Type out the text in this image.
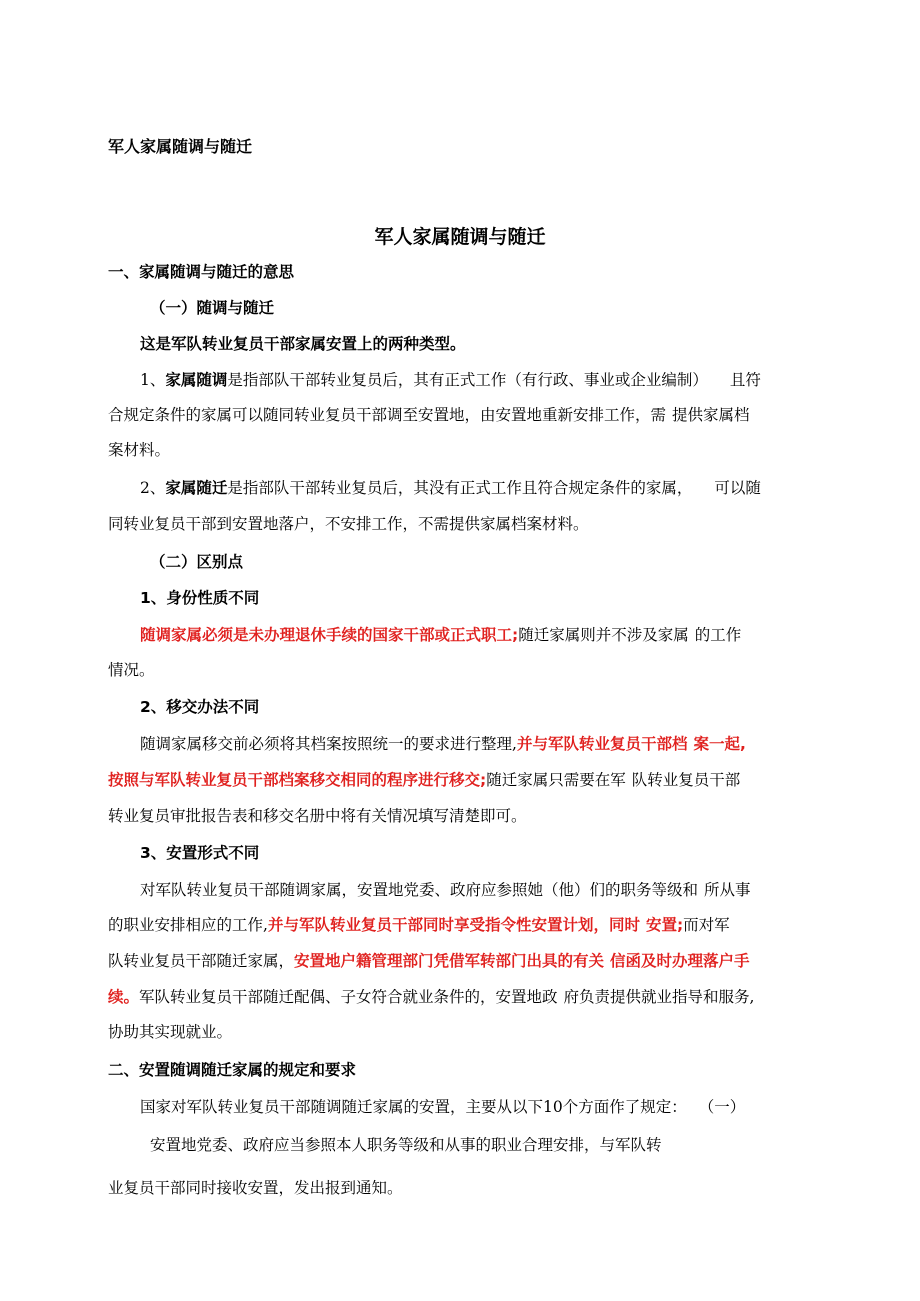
军人家属随调与随迁
军人家属随调与随迁
一、家属随调与随迁的意思
（一）随调与随迁
这是军队转业复员干部家属安置上的两种类型。
1、家属随调是指部队干部转业复员后，其有正式工作（有行政、事业或企业编制） 且符
合规定条件的家属可以随同转业复员干部调至安置地，由安置地重新安排工作，需 提供家属档
案材料。
2、家属随迁是指部队干部转业复员后，其没有正式工作且符合规定条件的家属， 可以随
同转业复员干部到安置地落户，不安排工作，不需提供家属档案材料。
（二）区别点
1、身份性质不同
随调家属必须是未办理退休手续的国家干部或正式职工;随迁家属则并不涉及家属 的工作
情况。
2、移交办法不同
随调家属移交前必须将其档案按照统一的要求进行整理,并与军队转业复员干部档 案一起,
按照与军队转业复员干部档案移交相同的程序进行移交;随迁家属只需要在军 队转业复员干部
转业复员审批报告表和移交名册中将有关情况填写清楚即可。
3、安置形式不同
对军队转业复员干部随调家属，安置地党委、政府应参照她（他）们的职务等级和 所从事
的职业安排相应的工作,并与军队转业复员干部同时享受指令性安置计划，同时 安置;而对军
队转业复员干部随迁家属，安置地户籍管理部门凭借军转部门出具的有关 信函及时办理落户手
续。军队转业复员干部随迁配偶、子女符合就业条件的，安置地政 府负责提供就业指导和服务,
协助其实现就业。
二、安置随调随迁家属的规定和要求
国家对军队转业复员干部随调随迁家属的安置，主要从以下10个方面作了规定： （一）
安置地党委、政府应当参照本人职务等级和从事的职业合理安排，与军队转
业复员干部同时接收安置，发出报到通知。
